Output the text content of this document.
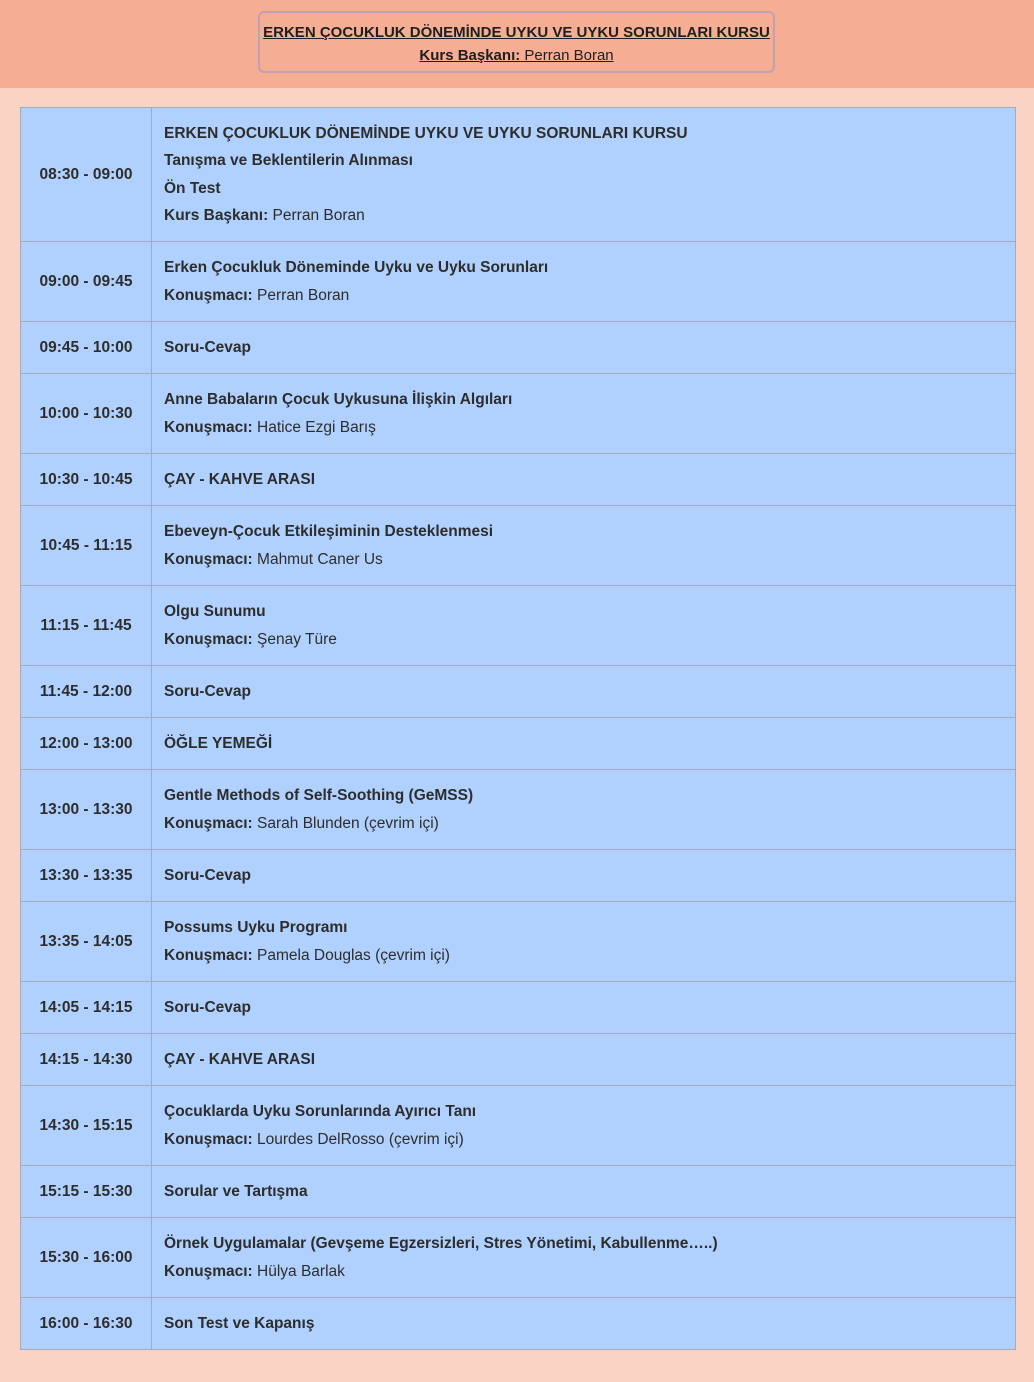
ERKEN ÇOCUKLUK DÖNEMİNDE UYKU VE UYKU SORUNLARI KURSU
Kurs Başkanı: Perran Boran
08:30 - 09:00	ERKEN ÇOCUKLUK DÖNEMİNDE UYKU VE UYKU SORUNLARI KURSU
Tanışma ve Beklentilerin Alınması
Ön Test
Kurs Başkanı: Perran Boran

09:00 - 09:45	Erken Çocukluk Döneminde Uyku ve Uyku Sorunları
Konuşmacı: Perran Boran

09:45 - 10:00	Soru-Cevap

10:00 - 10:30	Anne Babaların Çocuk Uykusuna İlişkin Algıları
Konuşmacı: Hatice Ezgi Barış

10:30 - 10:45	ÇAY - KAHVE ARASI

10:45 - 11:15	Ebeveyn-Çocuk Etkileşiminin Desteklenmesi
Konuşmacı: Mahmut Caner Us

11:15 - 11:45	Olgu Sunumu
Konuşmacı: Şenay Türe

11:45 - 12:00	Soru-Cevap

12:00 - 13:00	ÖĞLE YEMEĞİ

13:00 - 13:30	Gentle Methods of Self-Soothing (GeMSS)
Konuşmacı: Sarah Blunden (çevrim içi)

13:30 - 13:35	Soru-Cevap

13:35 - 14:05	Possums Uyku Programı
Konuşmacı: Pamela Douglas (çevrim içi)

14:05 - 14:15	Soru-Cevap

14:15 - 14:30	ÇAY - KAHVE ARASI

14:30 - 15:15	Çocuklarda Uyku Sorunlarında Ayırıcı Tanı
Konuşmacı: Lourdes DelRosso (çevrim içi)

15:15 - 15:30	Sorular ve Tartışma

15:30 - 16:00	Örnek Uygulamalar (Gevşeme Egzersizleri, Stres Yönetimi, Kabullenme…..)
Konuşmacı: Hülya Barlak

16:00 - 16:30	Son Test ve Kapanış
